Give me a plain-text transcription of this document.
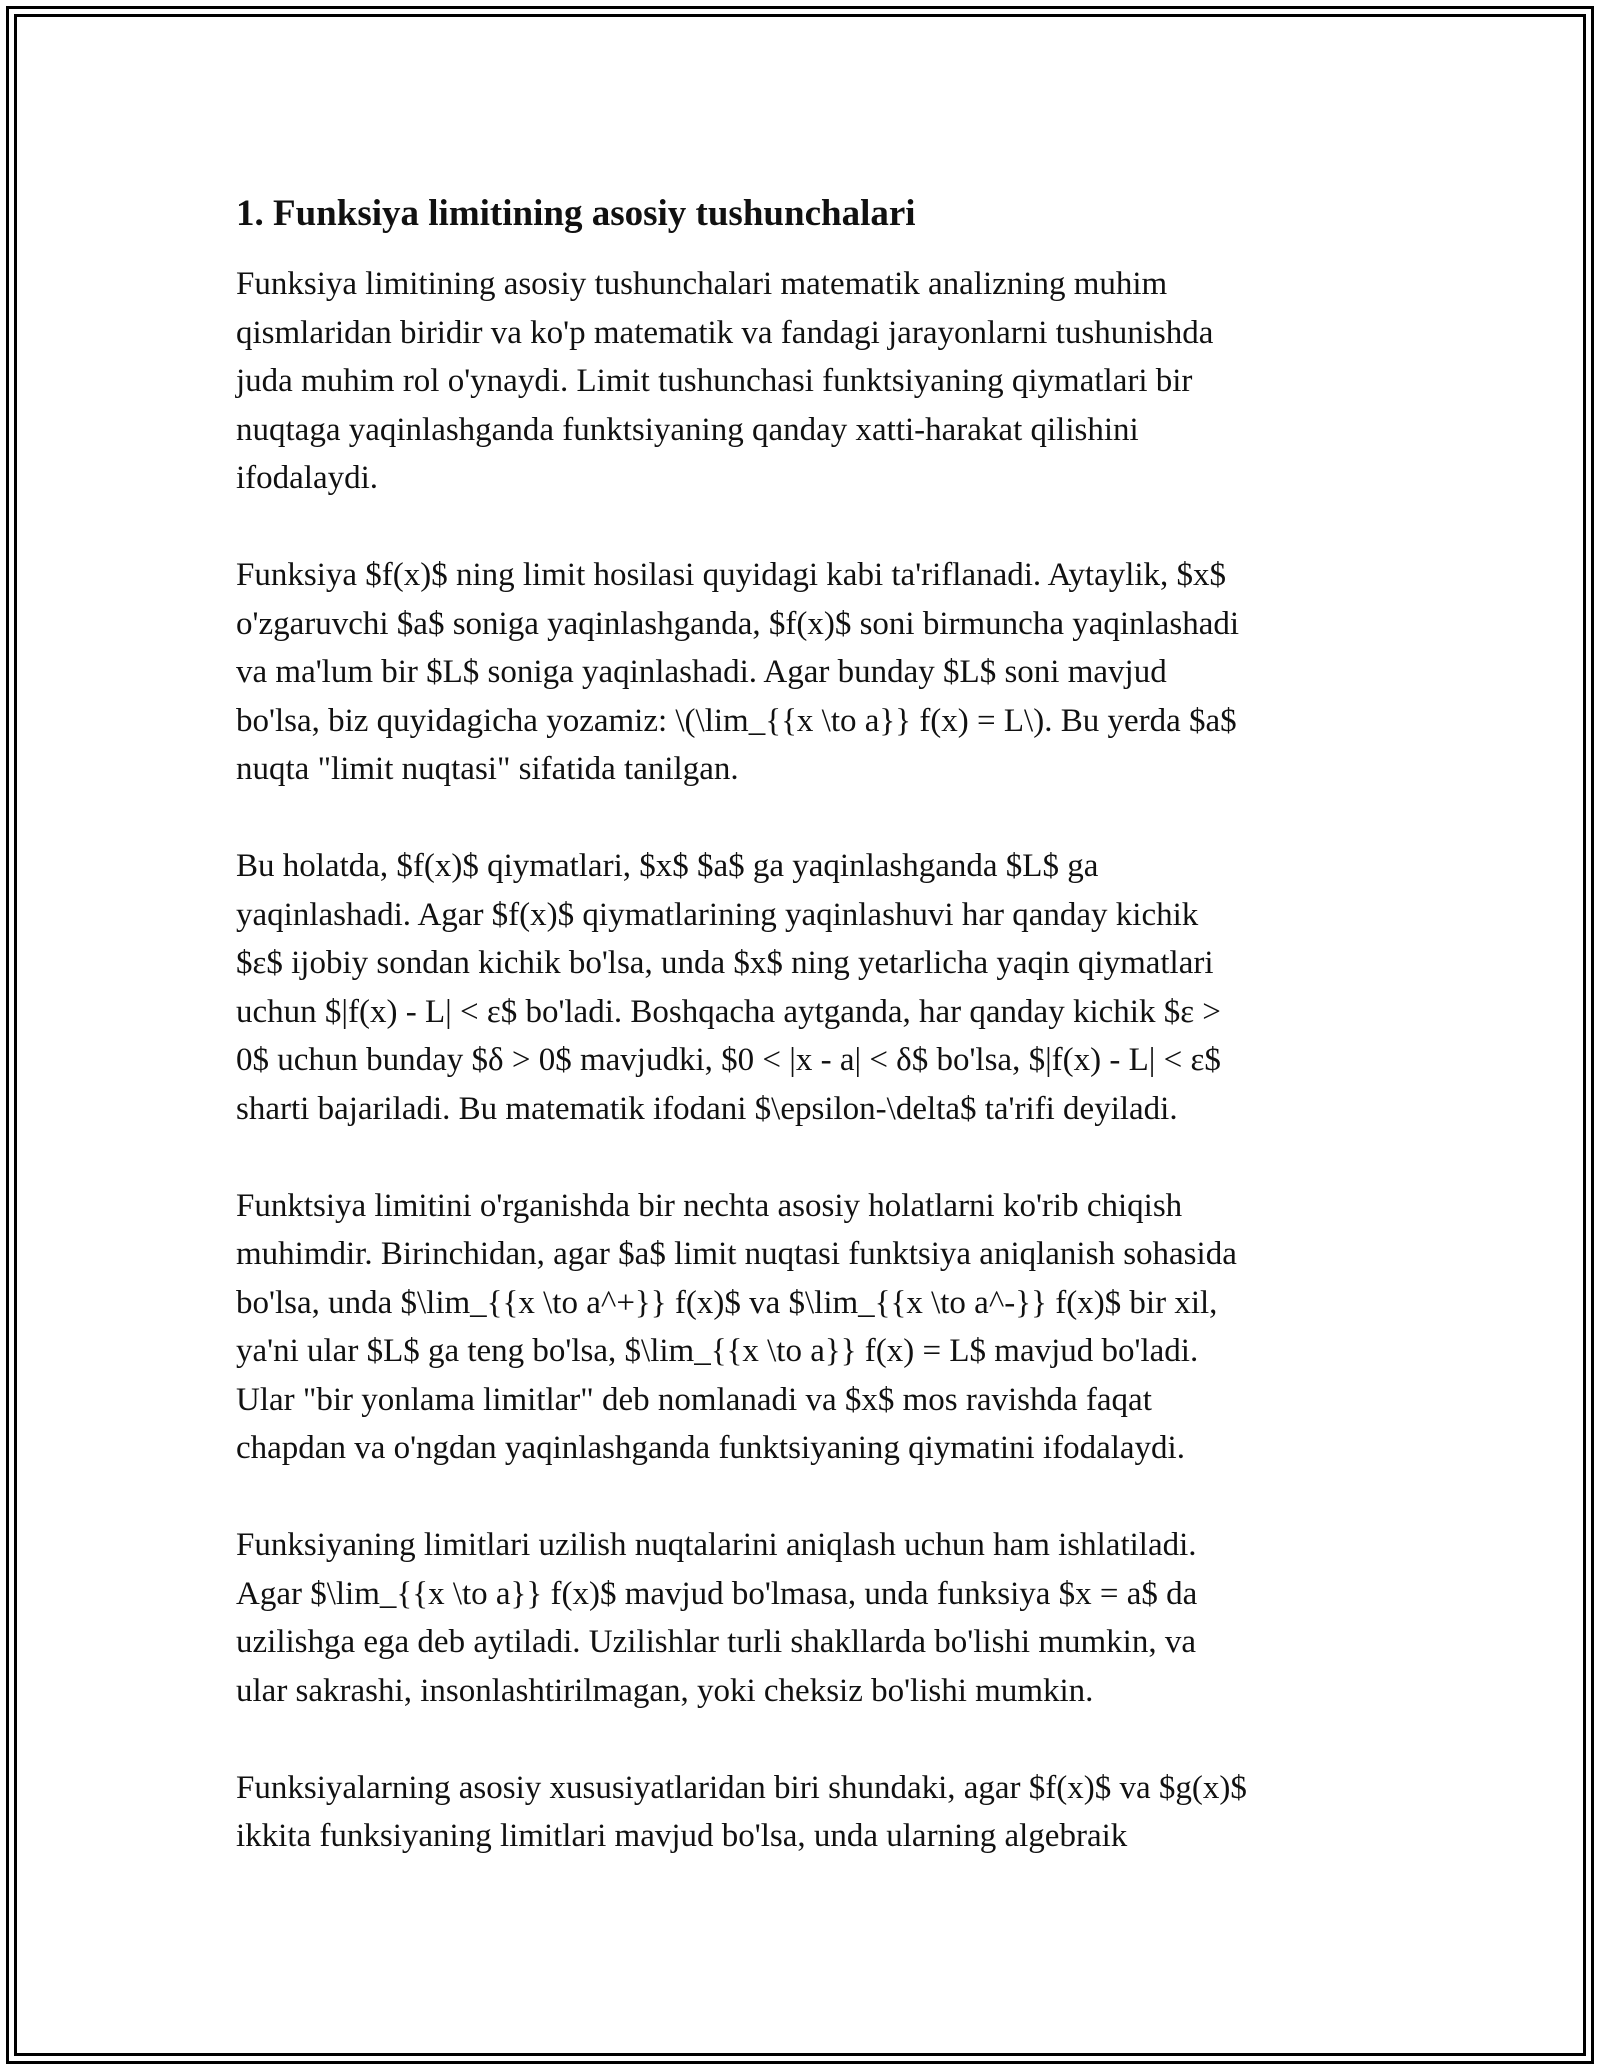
1. Funksiya limitining asosiy tushunchalari

Funksiya limitining asosiy tushunchalari matematik analizning muhim
qismlaridan biridir va ko'p matematik va fandagi jarayonlarni tushunishda
juda muhim rol o'ynaydi. Limit tushunchasi funktsiyaning qiymatlari bir
nuqtaga yaqinlashganda funktsiyaning qanday xatti-harakat qilishini
ifodalaydi.

Funksiya $f(x)$ ning limit hosilasi quyidagi kabi ta'riflanadi. Aytaylik, $x$
o'zgaruvchi $a$ soniga yaqinlashganda, $f(x)$ soni birmuncha yaqinlashadi
va ma'lum bir $L$ soniga yaqinlashadi. Agar bunday $L$ soni mavjud
bo'lsa, biz quyidagicha yozamiz: \(\lim_{{x \to a}} f(x) = L\). Bu yerda $a$
nuqta "limit nuqtasi" sifatida tanilgan.

Bu holatda, $f(x)$ qiymatlari, $x$ $a$ ga yaqinlashganda $L$ ga
yaqinlashadi. Agar $f(x)$ qiymatlarining yaqinlashuvi har qanday kichik
$ε$ ijobiy sondan kichik bo'lsa, unda $x$ ning yetarlicha yaqin qiymatlari
uchun $|f(x) - L| < ε$ bo'ladi. Boshqacha aytganda, har qanday kichik $ε >
0$ uchun bunday $δ > 0$ mavjudki, $0 < |x - a| < δ$ bo'lsa, $|f(x) - L| < ε$
sharti bajariladi. Bu matematik ifodani $\epsilon-\delta$ ta'rifi deyiladi.

Funktsiya limitini o'rganishda bir nechta asosiy holatlarni ko'rib chiqish
muhimdir. Birinchidan, agar $a$ limit nuqtasi funktsiya aniqlanish sohasida
bo'lsa, unda $\lim_{{x \to a^+}} f(x)$ va $\lim_{{x \to a^-}} f(x)$ bir xil,
ya'ni ular $L$ ga teng bo'lsa, $\lim_{{x \to a}} f(x) = L$ mavjud bo'ladi.
Ular "bir yonlama limitlar" deb nomlanadi va $x$ mos ravishda faqat
chapdan va o'ngdan yaqinlashganda funktsiyaning qiymatini ifodalaydi.

Funksiyaning limitlari uzilish nuqtalarini aniqlash uchun ham ishlatiladi.
Agar $\lim_{{x \to a}} f(x)$ mavjud bo'lmasa, unda funksiya $x = a$ da
uzilishga ega deb aytiladi. Uzilishlar turli shakllarda bo'lishi mumkin, va
ular sakrashi, insonlashtirilmagan, yoki cheksiz bo'lishi mumkin.

Funksiyalarning asosiy xususiyatlaridan biri shundaki, agar $f(x)$ va $g(x)$
ikkita funksiyaning limitlari mavjud bo'lsa, unda ularning algebraik
